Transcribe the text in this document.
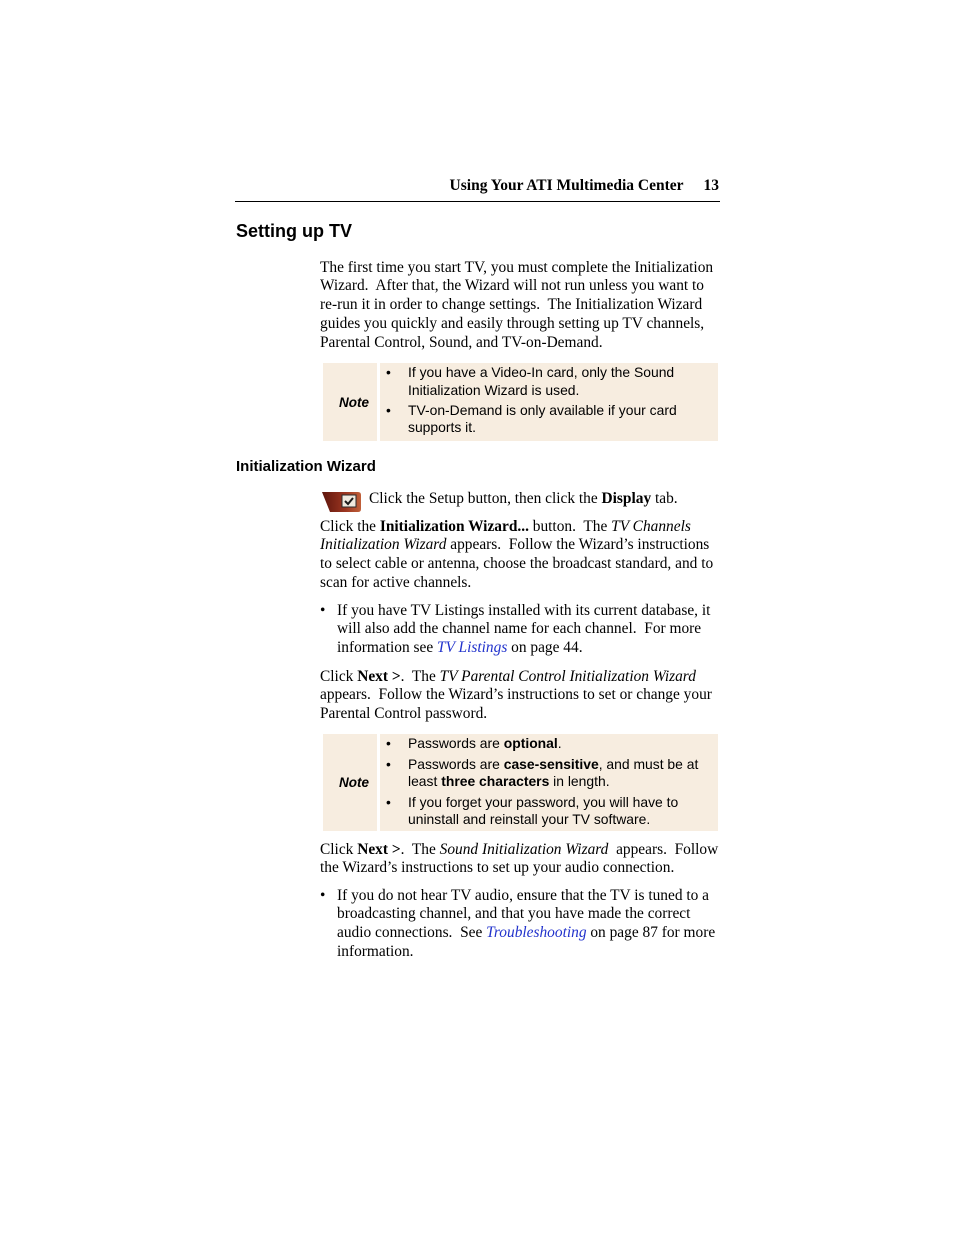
Using Your ATI Multimedia Center 13
Setting up TV
The first time you start TV, you must complete the Initialization
Wizard.  After that, the Wizard will not run unless you want to
re-run it in order to change settings.  The Initialization Wizard
guides you quickly and easily through setting up TV channels,
Parental Control, Sound, and TV-on-Demand.
Note
•	If you have a Video-In card, only the Sound Initialization Wizard is used.
•	TV-on-Demand is only available if your card supports it.
Initialization Wizard
Click the Setup button, then click the Display tab.
Click the Initialization Wizard... button.  The TV Channels
Initialization Wizard appears.  Follow the Wizard’s instructions
to select cable or antenna, choose the broadcast standard, and to
scan for active channels.
• If you have TV Listings installed with its current database, it
will also add the channel name for each channel.  For more
information see TV Listings on page 44.
Click Next >.  The TV Parental Control Initialization Wizard
appears.  Follow the Wizard’s instructions to set or change your
Parental Control password.
Note
•	Passwords are optional.
•	Passwords are case-sensitive, and must be at least three characters in length.
•	If you forget your password, you will have to uninstall and reinstall your TV software.
Click Next >.  The Sound Initialization Wizard  appears.  Follow
the Wizard’s instructions to set up your audio connection.
• If you do not hear TV audio, ensure that the TV is tuned to a
broadcasting channel, and that you have made the correct
audio connections.  See Troubleshooting on page 87 for more
information.
